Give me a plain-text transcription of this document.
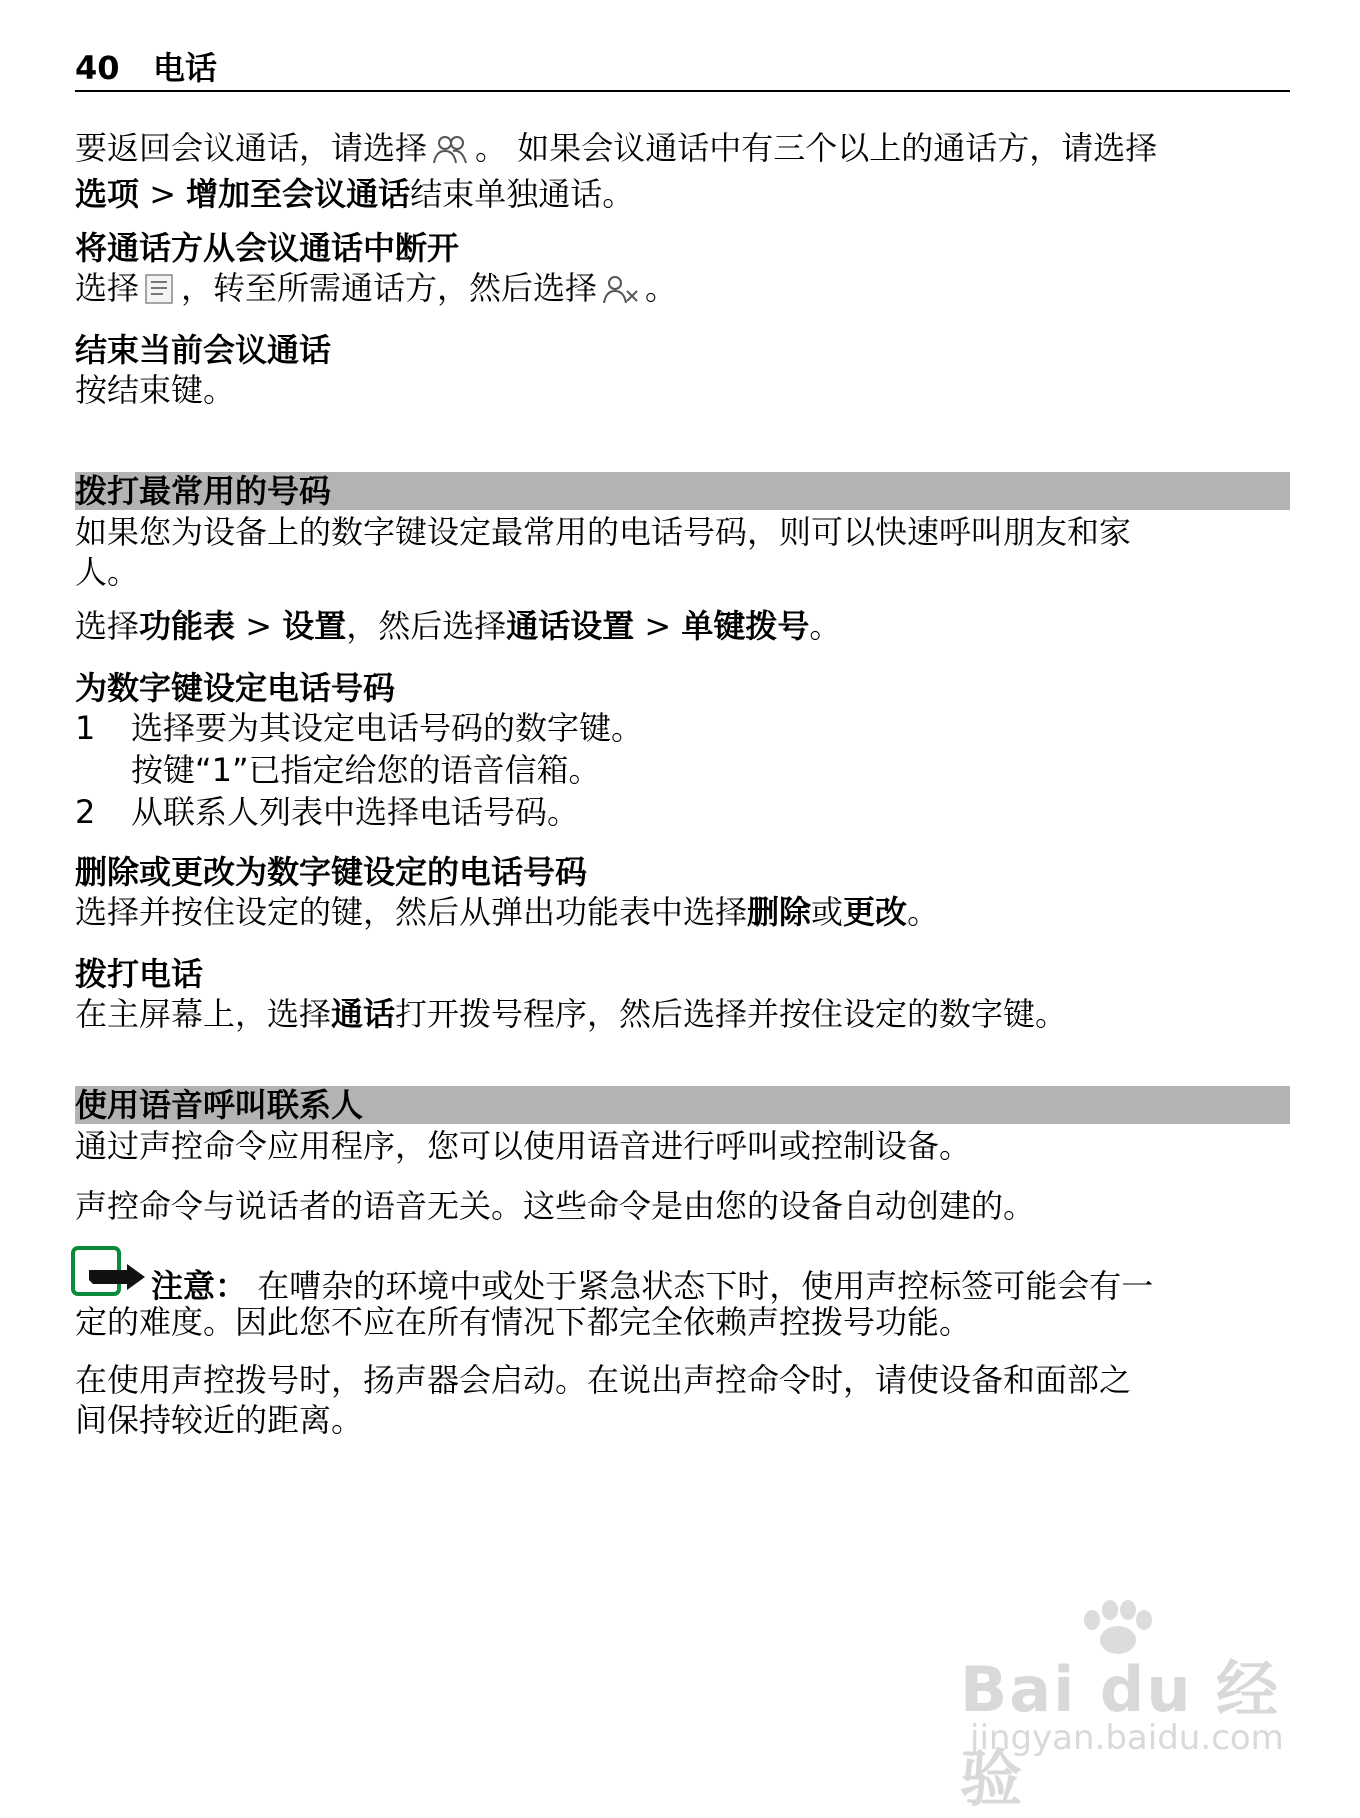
40 电话

要返回会议通话，请选择 。 如果会议通话中有三个以上的通话方，请选择
选项 > 增加至会议通话结束单独通话。

将通话方从会议通话中断开

选择 ，转至所需通话方，然后选择 。

结束当前会议通话

按结束键。

拨打最常用的号码

如果您为设备上的数字键设定最常用的电话号码，则可以快速呼叫朋友和家人。

选择功能表 > 设置，然后选择通话设置 > 单键拨号。

为数字键设定电话号码

1 选择要为其设定电话号码的数字键。
按键“1”已指定给您的语音信箱。
2 从联系人列表中选择电话号码。

删除或更改为数字键设定的电话号码

选择并按住设定的键，然后从弹出功能表中选择删除或更改。

拨打电话

在主屏幕上，选择通话打开拨号程序，然后选择并按住设定的数字键。

使用语音呼叫联系人

通过声控命令应用程序，您可以使用语音进行呼叫或控制设备。

声控命令与说话者的语音无关。这些命令是由您的设备自动创建的。

注意： 在嘈杂的环境中或处于紧急状态下时，使用声控标签可能会有一
定的难度。因此您不应在所有情况下都完全依赖声控拨号功能。

在使用声控拨号时，扬声器会启动。在说出声控命令时，请使设备和面部之间保持较近的距离。

Bai du 经验
jingyan.baidu.com
